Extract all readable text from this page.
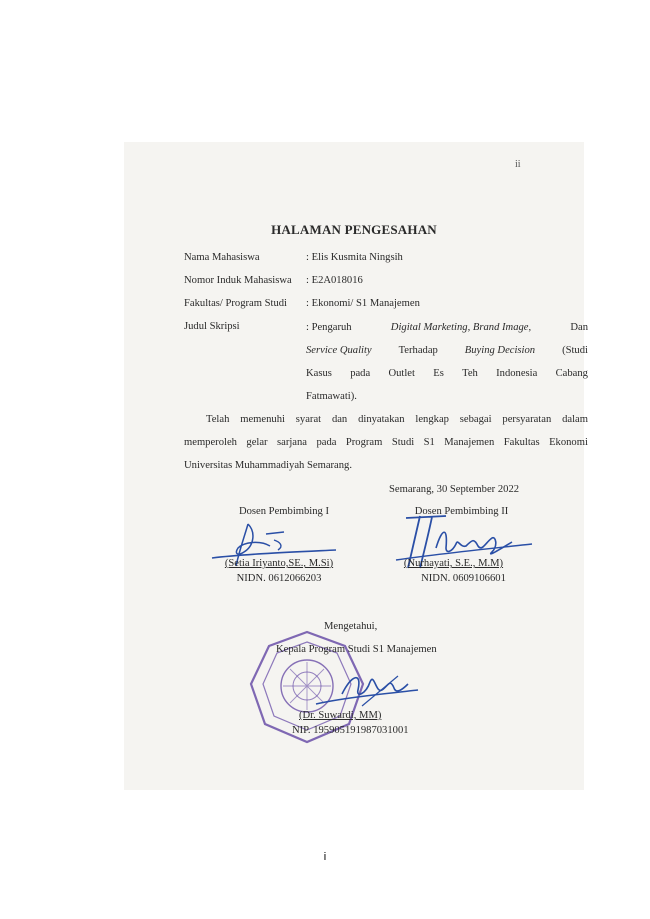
ii
HALAMAN PENGESAHAN
Nama Mahasiswa	: Elis Kusmita Ningsih
Nomor Induk Mahasiswa : E2A018016
Fakultas/ Program Studi : Ekonomi/ S1 Manajemen
Judul Skripsi	: Pengaruh	Digital Marketing, Brand Image,	Dan
Service Quality	Terhadap	Buying Decision	(Studi
Kasus pada Outlet Es Teh Indonesia Cabang
Fatmawati).
Telah memenuhi syarat dan dinyatakan lengkap sebagai persyaratan dalam
memperoleh gelar sarjana pada Program Studi S1 Manajemen Fakultas Ekonomi
Universitas Muhammadiyah Semarang.
Semarang, 30 September 2022
Dosen Pembimbing I	Dosen Pembimbing II
(Setia Iriyanto,SE., M.Si)
NIDN. 0612066203
(Nurhayati, S.E., M.M)
NIDN. 0609106601
Mengetahui,
Kepala Program Studi S1 Manajemen
(Dr. Suwardi, MM)
NIP. 195905191987031001
i
